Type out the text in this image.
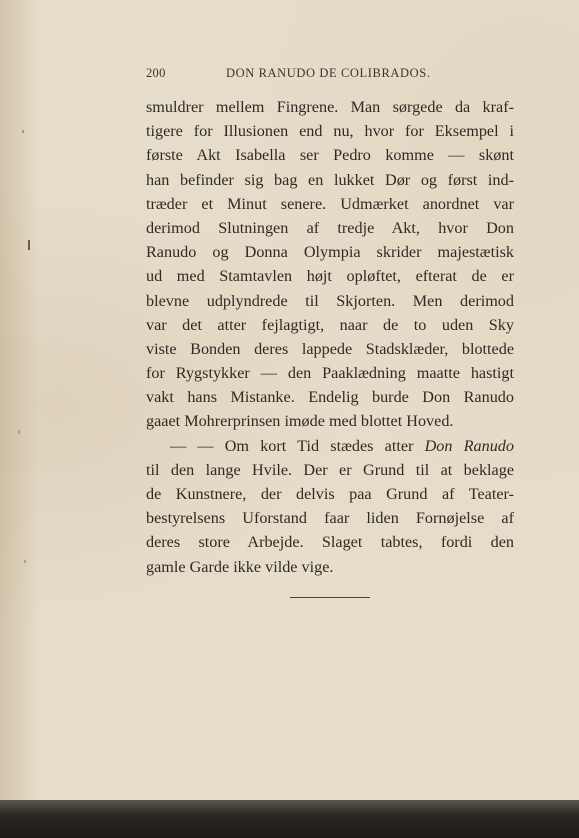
200	DON RANUDO DE COLIBRADOS.
smuldrer mellem Fingrene. Man sørgede da kraf-
tigere for Illusionen end nu, hvor for Eksempel i
første Akt Isabella ser Pedro komme — skønt
han befinder sig bag en lukket Dør og først ind-
træder et Minut senere. Udmærket anordnet var
derimod Slutningen af tredje Akt, hvor Don
Ranudo og Donna Olympia skrider majestætisk
ud med Stamtavlen højt opløftet, efterat de er
blevne udplyndrede til Skjorten. Men derimod
var det atter fejlagtigt, naar de to uden Sky
viste Bonden deres lappede Stadsklæder, blottede
for Rygstykker — den Paaklædning maatte hastigt
vakt hans Mistanke. Endelig burde Don Ranudo
gaaet Mohrerprinsen imøde med blottet Hoved.
— — Om kort Tid stædes atter Don Ranudo
til den lange Hvile. Der er Grund til at beklage
de Kunstnere, der delvis paa Grund af Teater-
bestyrelsens Uforstand faar liden Fornøjelse af
deres store Arbejde. Slaget tabtes, fordi den
gamle Garde ikke vilde vige.
